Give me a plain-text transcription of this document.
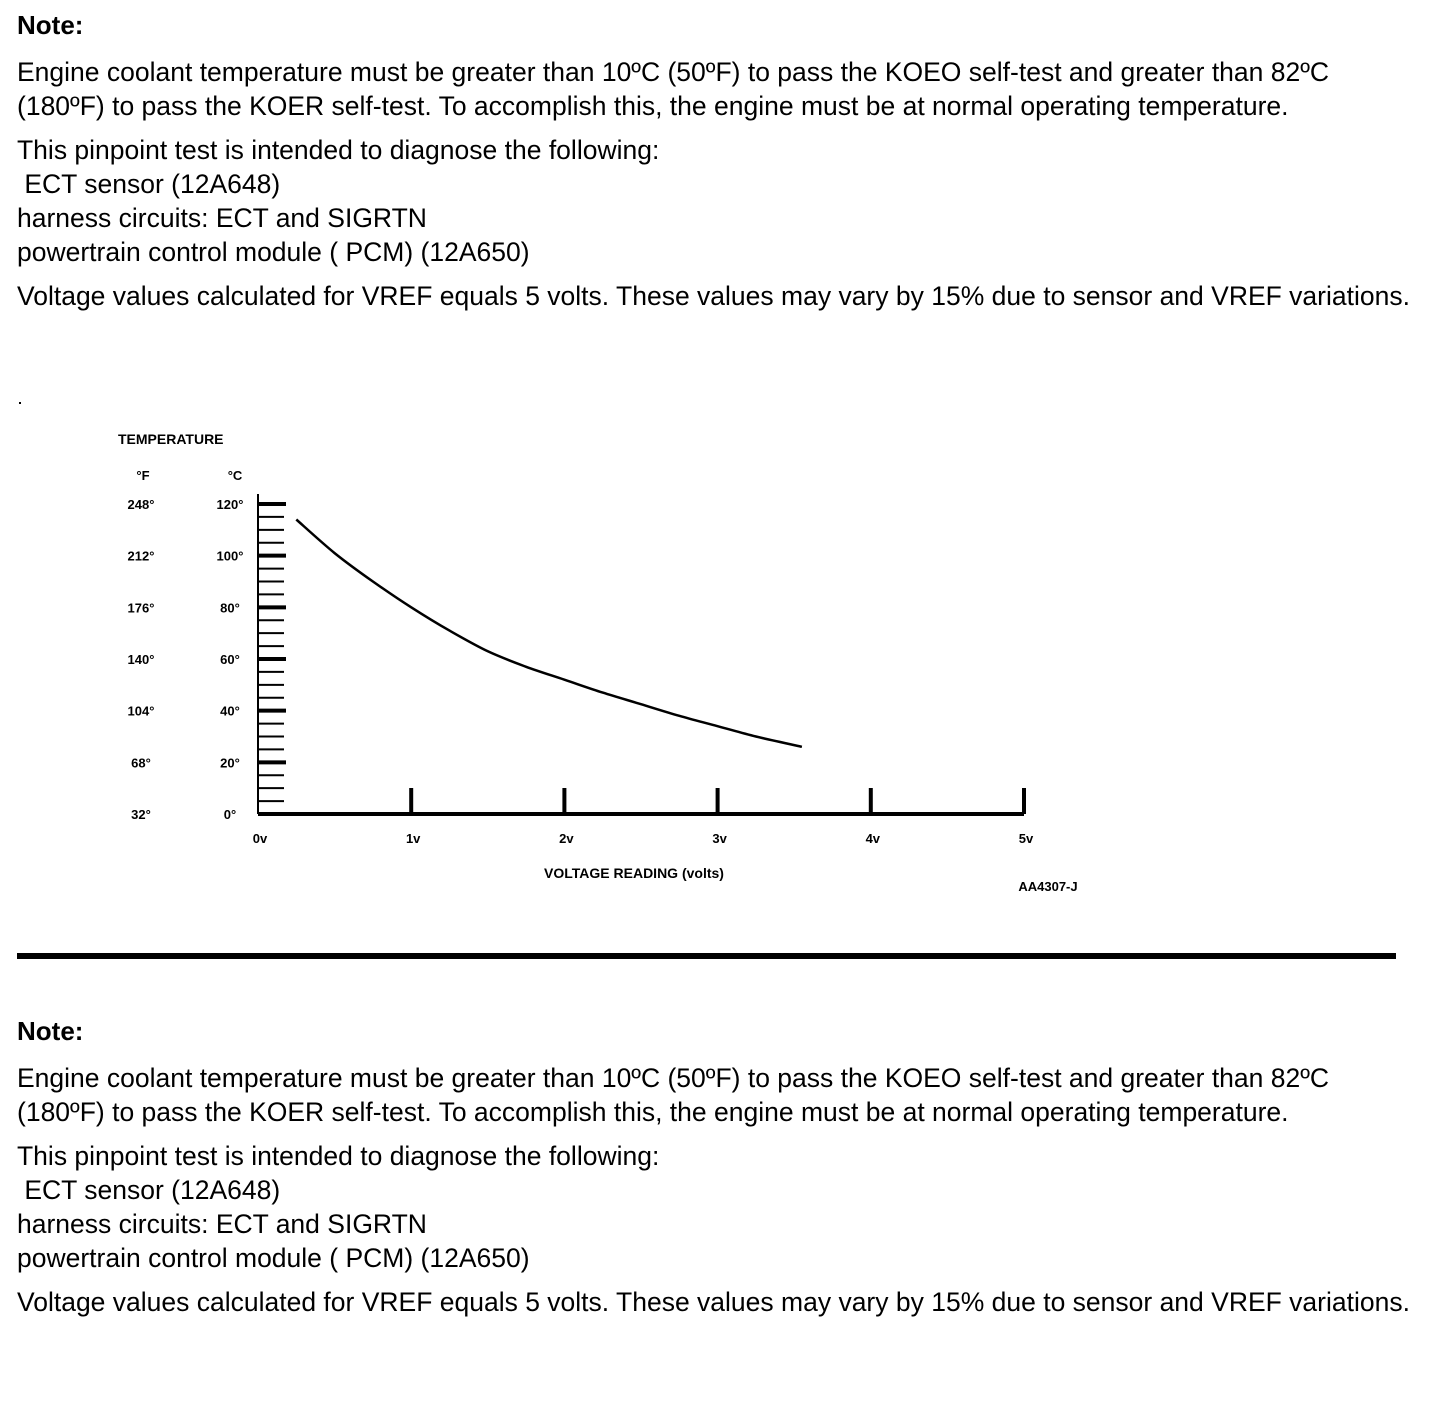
Note:
Engine coolant temperature must be greater than 10ºC (50ºF) to pass the KOEO self-test and greater than 82ºC (180ºF) to pass the KOER self-test. To accomplish this, the engine must be at normal operating temperature.
This pinpoint test is intended to diagnose the following:
ECT sensor (12A648)
harness circuits: ECT and SIGRTN
powertrain control module ( PCM) (12A650)
Voltage values calculated for VREF equals 5 volts. These values may vary by 15% due to sensor and VREF variations.
TEMPERATURE
°F	°C
120°
248°
100°
212°
80°
176°
60°
140°
40°
104°
20°
68°
0°
32°
0v	1v	2v	3v	4v	5v
VOLTAGE READING (volts)
AA4307-J
Note:
Engine coolant temperature must be greater than 10ºC (50ºF) to pass the KOEO self-test and greater than 82ºC (180ºF) to pass the KOER self-test. To accomplish this, the engine must be at normal operating temperature.
This pinpoint test is intended to diagnose the following:
ECT sensor (12A648)
harness circuits: ECT and SIGRTN
powertrain control module ( PCM) (12A650)
Voltage values calculated for VREF equals 5 volts. These values may vary by 15% due to sensor and VREF variations.
